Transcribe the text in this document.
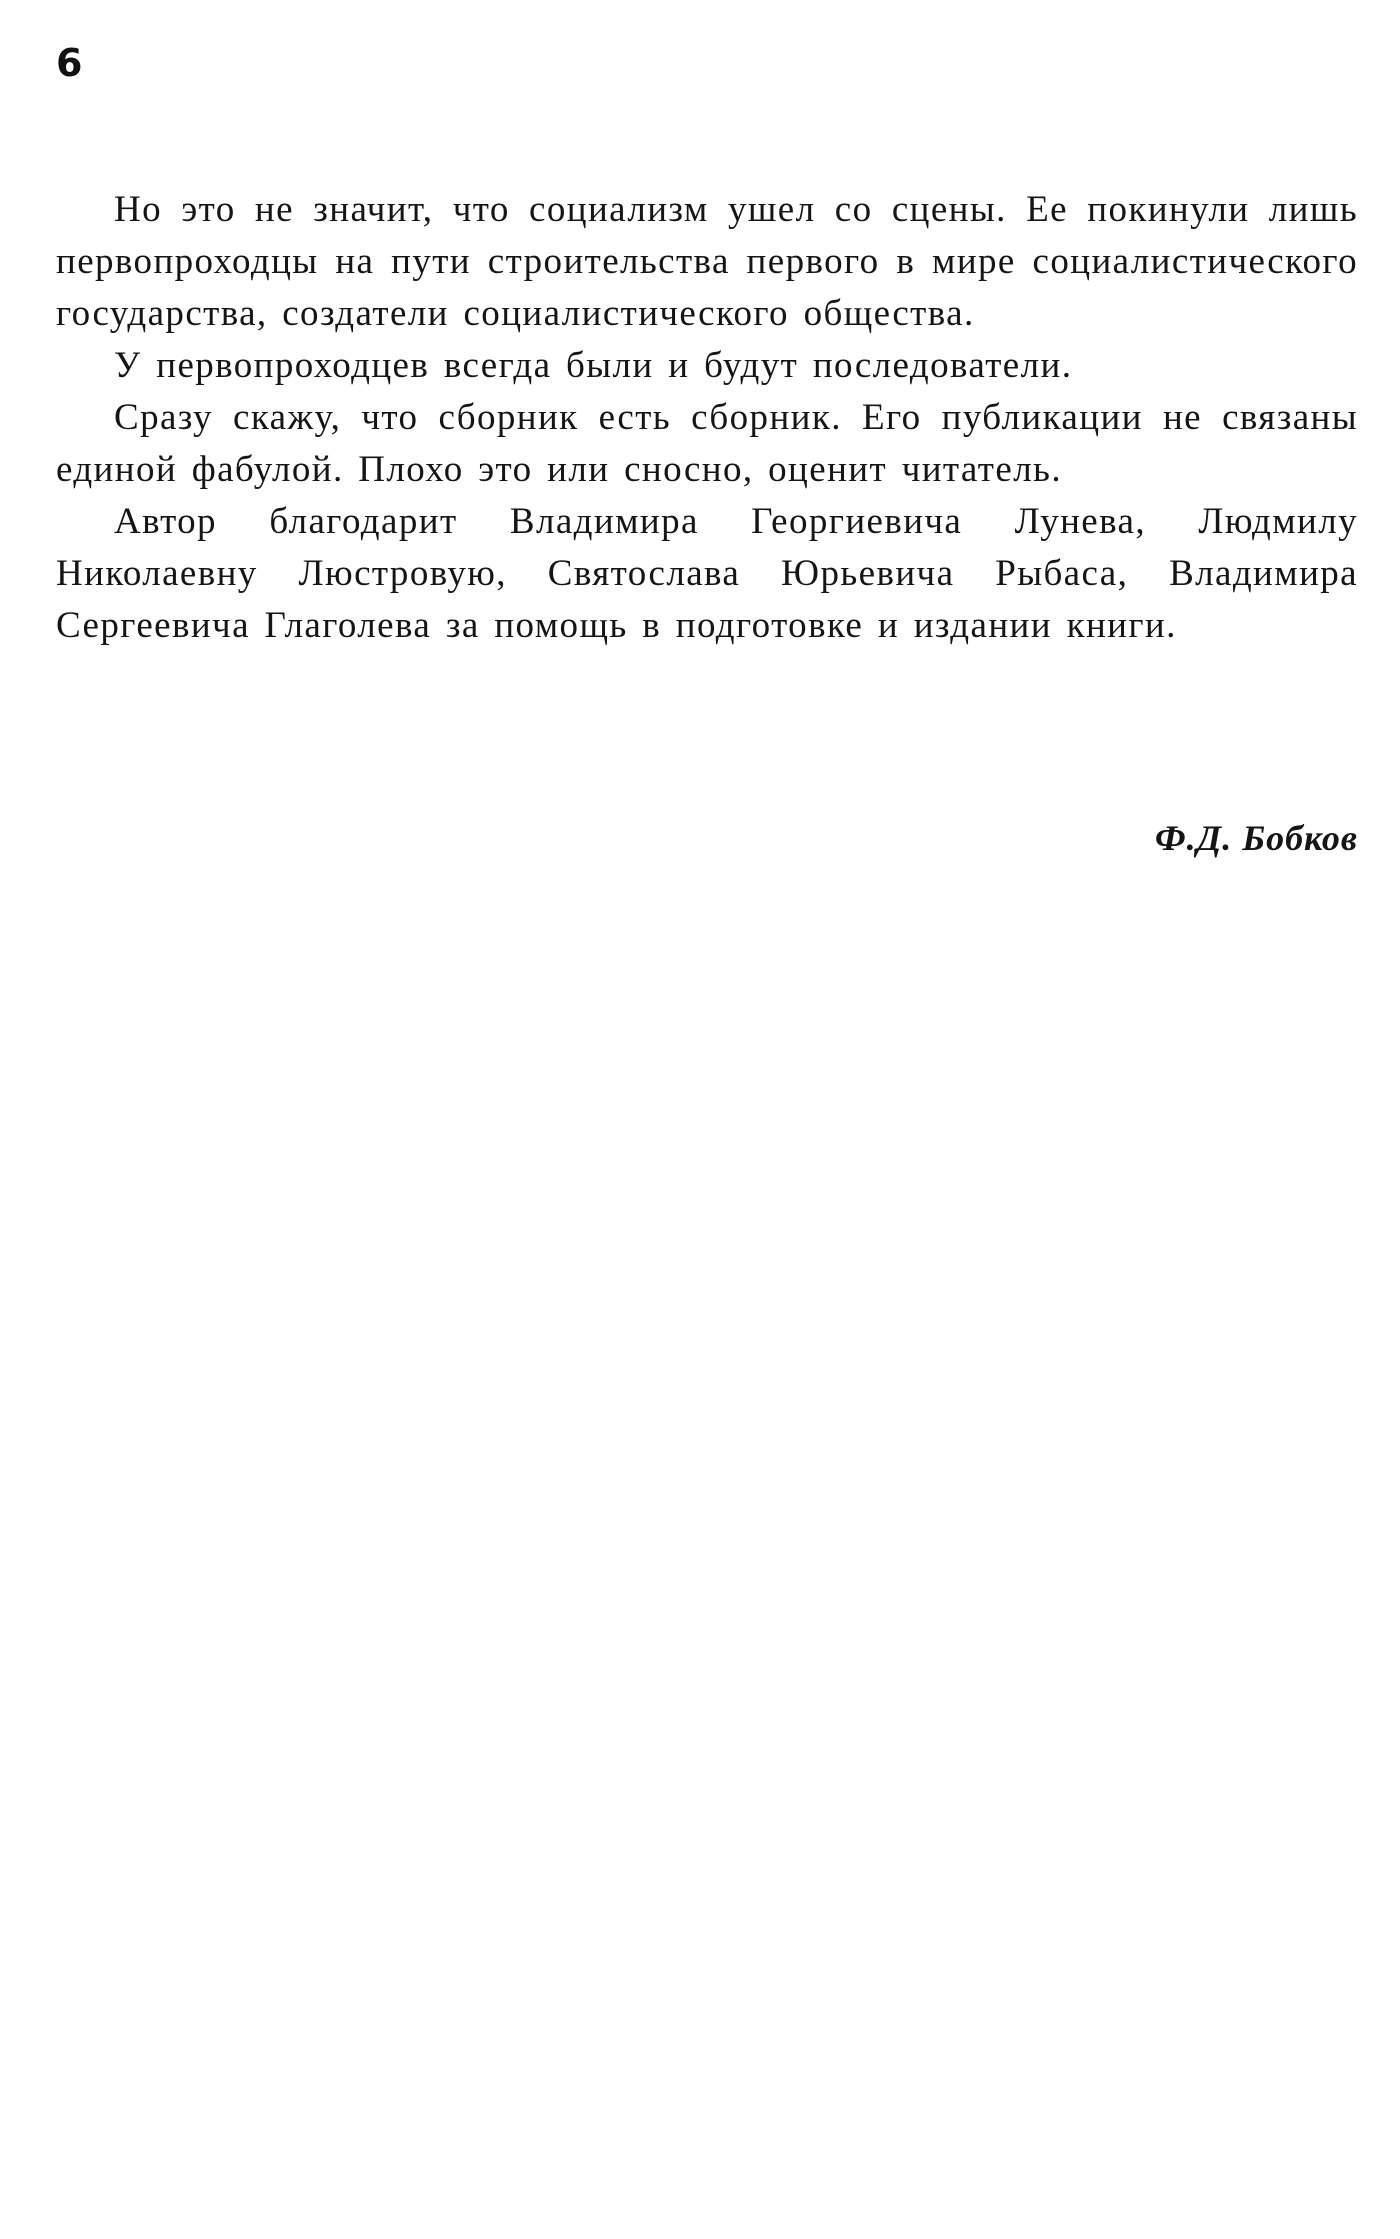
6

Но это не значит, что социализм ушел со сцены. Ее покинули лишь первопроходцы на пути строительства первого в мире социалистического государства, создатели социалистического общества.

У первопроходцев всегда были и будут последователи.

Сразу скажу, что сборник есть сборник. Его публикации не связаны единой фабулой. Плохо это или сносно, оценит читатель.

Автор благодарит Владимира Георгиевича Лунева, Людмилу Николаевну Люстровую, Святослава Юрьевича Рыбаса, Владимира Сергеевича Глаголева за помощь в подготовке и издании книги.

Ф.Д. Бобков
